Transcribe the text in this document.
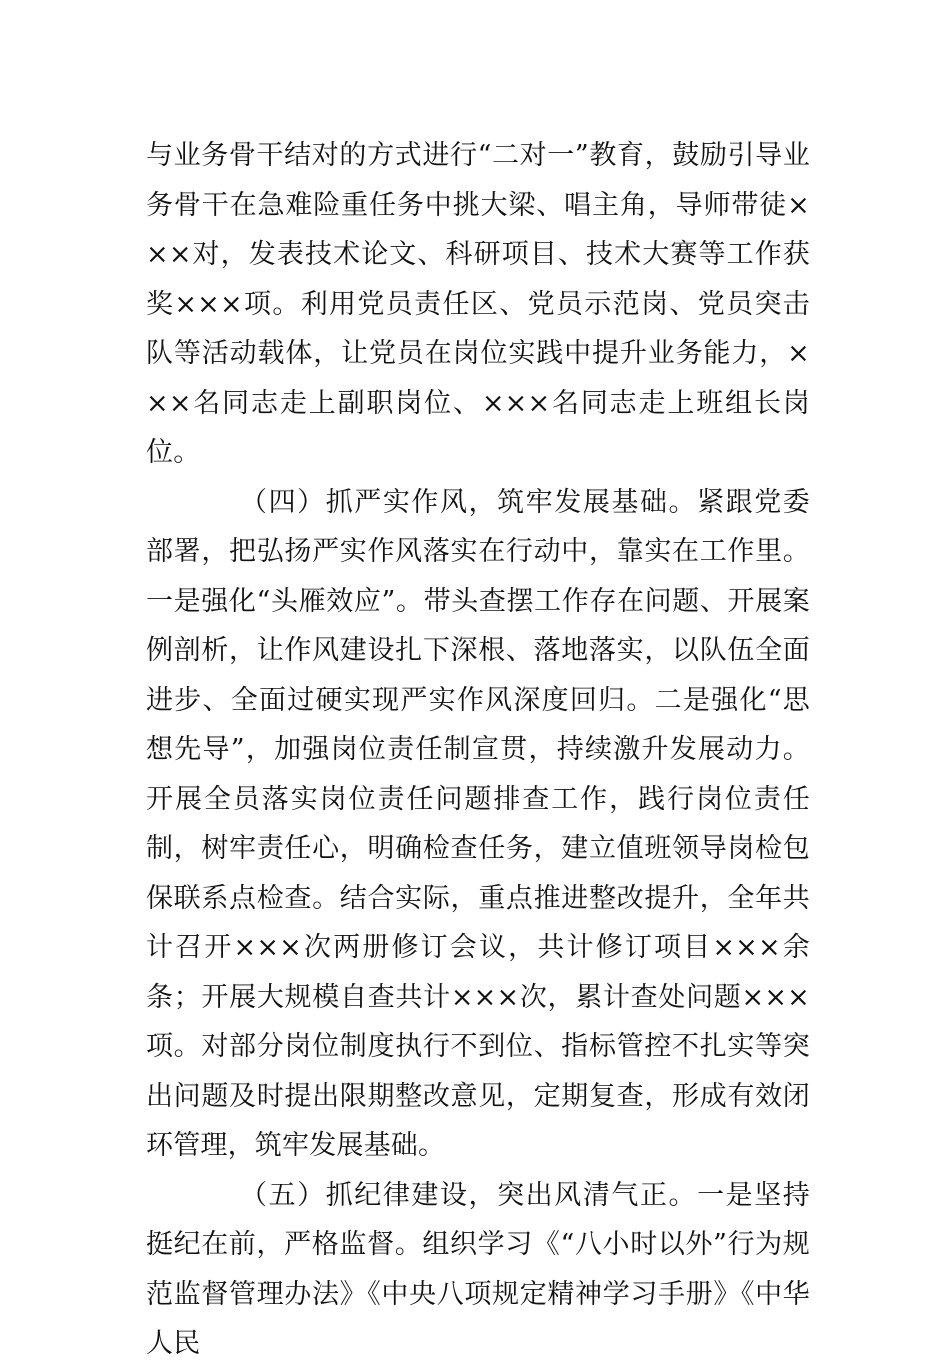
与业务骨干结对的方式进行“二对一”教育，鼓励引导业务骨干在急难险重任务中挑大梁、唱主角，导师带徒×××对，发表技术论文、科研项目、技术大赛等工作获奖×××项。利用党员责任区、党员示范岗、党员突击队等活动载体，让党员在岗位实践中提升业务能力，×××名同志走上副职岗位、×××名同志走上班组长岗位。

（四）抓严实作风，筑牢发展基础。紧跟党委部署，把弘扬严实作风落实在行动中，靠实在工作里。一是强化“头雁效应”。带头查摆工作存在问题、开展案例剖析，让作风建设扎下深根、落地落实，以队伍全面进步、全面过硬实现严实作风深度回归。二是强化“思想先导”，加强岗位责任制宣贯，持续激升发展动力。开展全员落实岗位责任问题排查工作，践行岗位责任制，树牢责任心，明确检查任务，建立值班领导岗检包保联系点检查。结合实际，重点推进整改提升，全年共计召开×××次两册修订会议，共计修订项目×××余条；开展大规模自查共计×××次，累计查处问题×××项。对部分岗位制度执行不到位、指标管控不扎实等突出问题及时提出限期整改意见，定期复查，形成有效闭环管理，筑牢发展基础。

（五）抓纪律建设，突出风清气正。一是坚持挺纪在前，严格监督。组织学习《“八小时以外”行为规范监督管理办法》《中央八项规定精神学习手册》《中华人民
